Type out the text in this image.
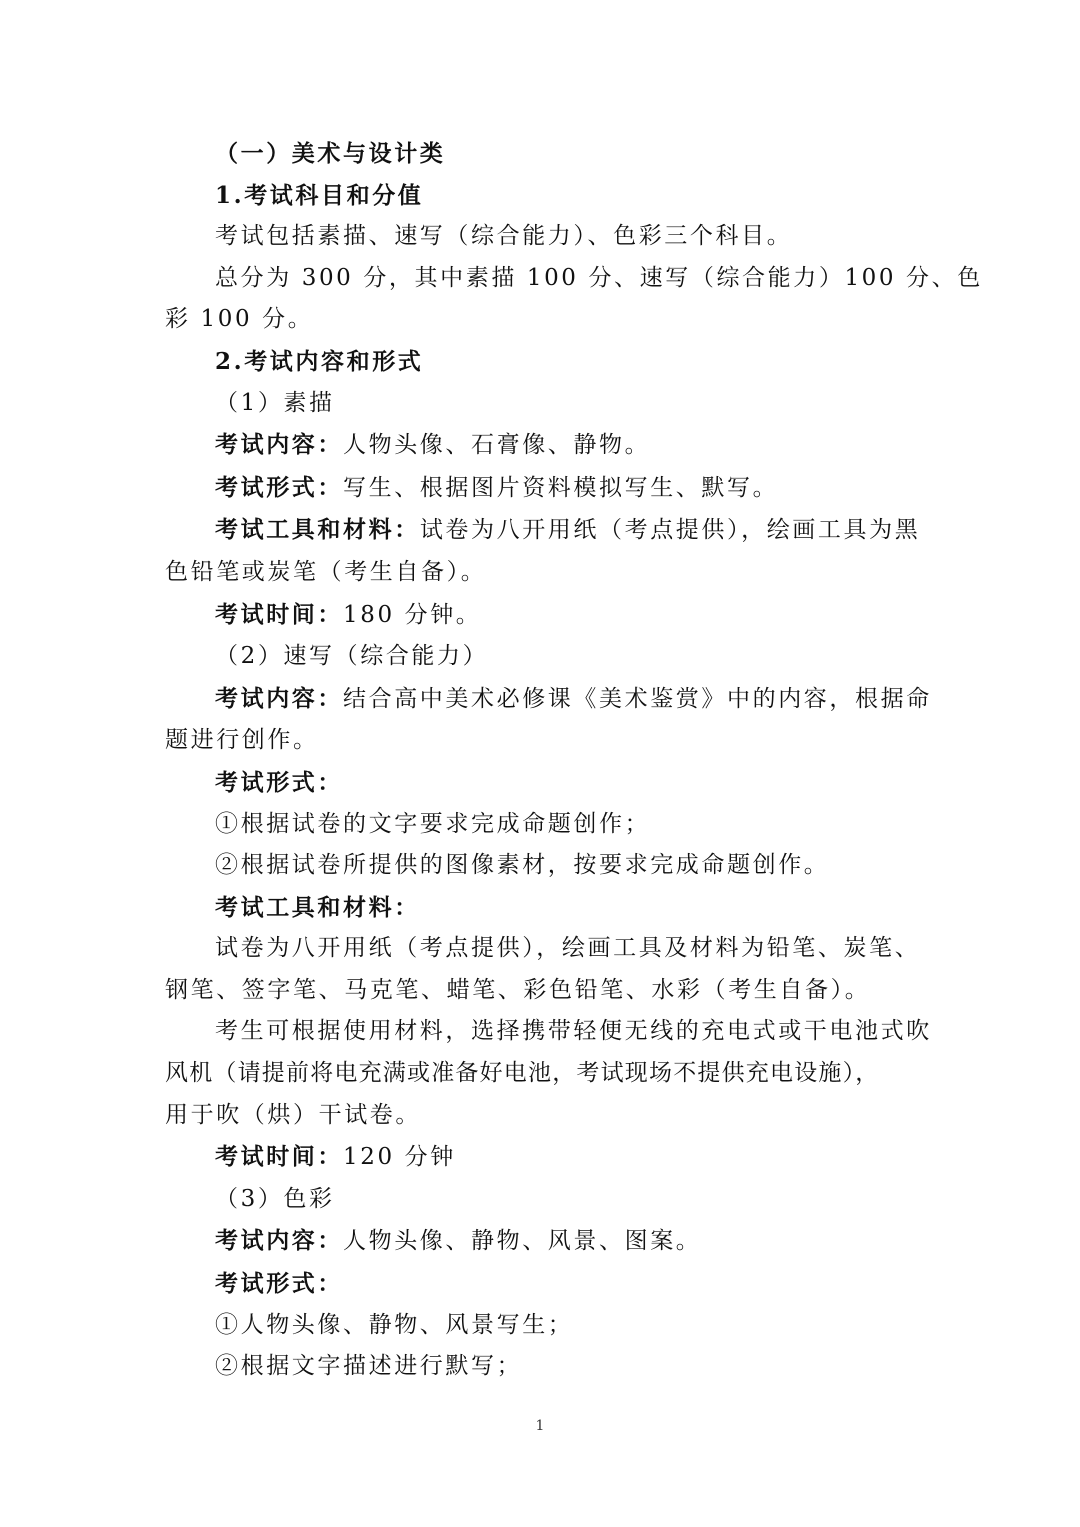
（一）美术与设计类

1.考试科目和分值

考试包括素描、速写（综合能力）、色彩三个科目。

总分为 300 分，其中素描 100 分、速写（综合能力）100 分、色

彩 100 分。

2.考试内容和形式

（1）素描

考试内容：人物头像、石膏像、静物。

考试形式：写生、根据图片资料模拟写生、默写。

考试工具和材料：试卷为八开用纸（考点提供），绘画工具为黑

色铅笔或炭笔（考生自备）。

考试时间：180 分钟。

（2）速写（综合能力）

考试内容：结合高中美术必修课《美术鉴赏》中的内容，根据命

题进行创作。

考试形式：

①根据试卷的文字要求完成命题创作；

②根据试卷所提供的图像素材，按要求完成命题创作。

考试工具和材料：

试卷为八开用纸（考点提供），绘画工具及材料为铅笔、炭笔、

钢笔、签字笔、马克笔、蜡笔、彩色铅笔、水彩（考生自备）。

考生可根据使用材料，选择携带轻便无线的充电式或干电池式吹

风机（请提前将电充满或准备好电池，考试现场不提供充电设施），

用于吹（烘）干试卷。

考试时间：120 分钟

（3）色彩

考试内容：人物头像、静物、风景、图案。

考试形式：

①人物头像、静物、风景写生；

②根据文字描述进行默写；

1
